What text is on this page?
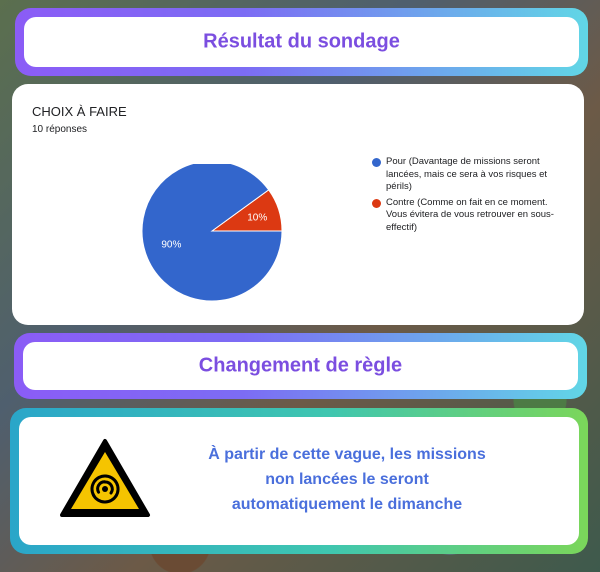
Résultat du sondage
CHOIX À FAIRE
10 réponses
10%
90%
Pour (Davantage de missions seront lancées, mais ce sera à vos risques et périls)
Contre (Comme on fait en ce moment. Vous évitera de vous retrouver en sous-effectif)
Changement de règle
À partir de cette vague, les missions
non lancées le seront
automatiquement le dimanche
